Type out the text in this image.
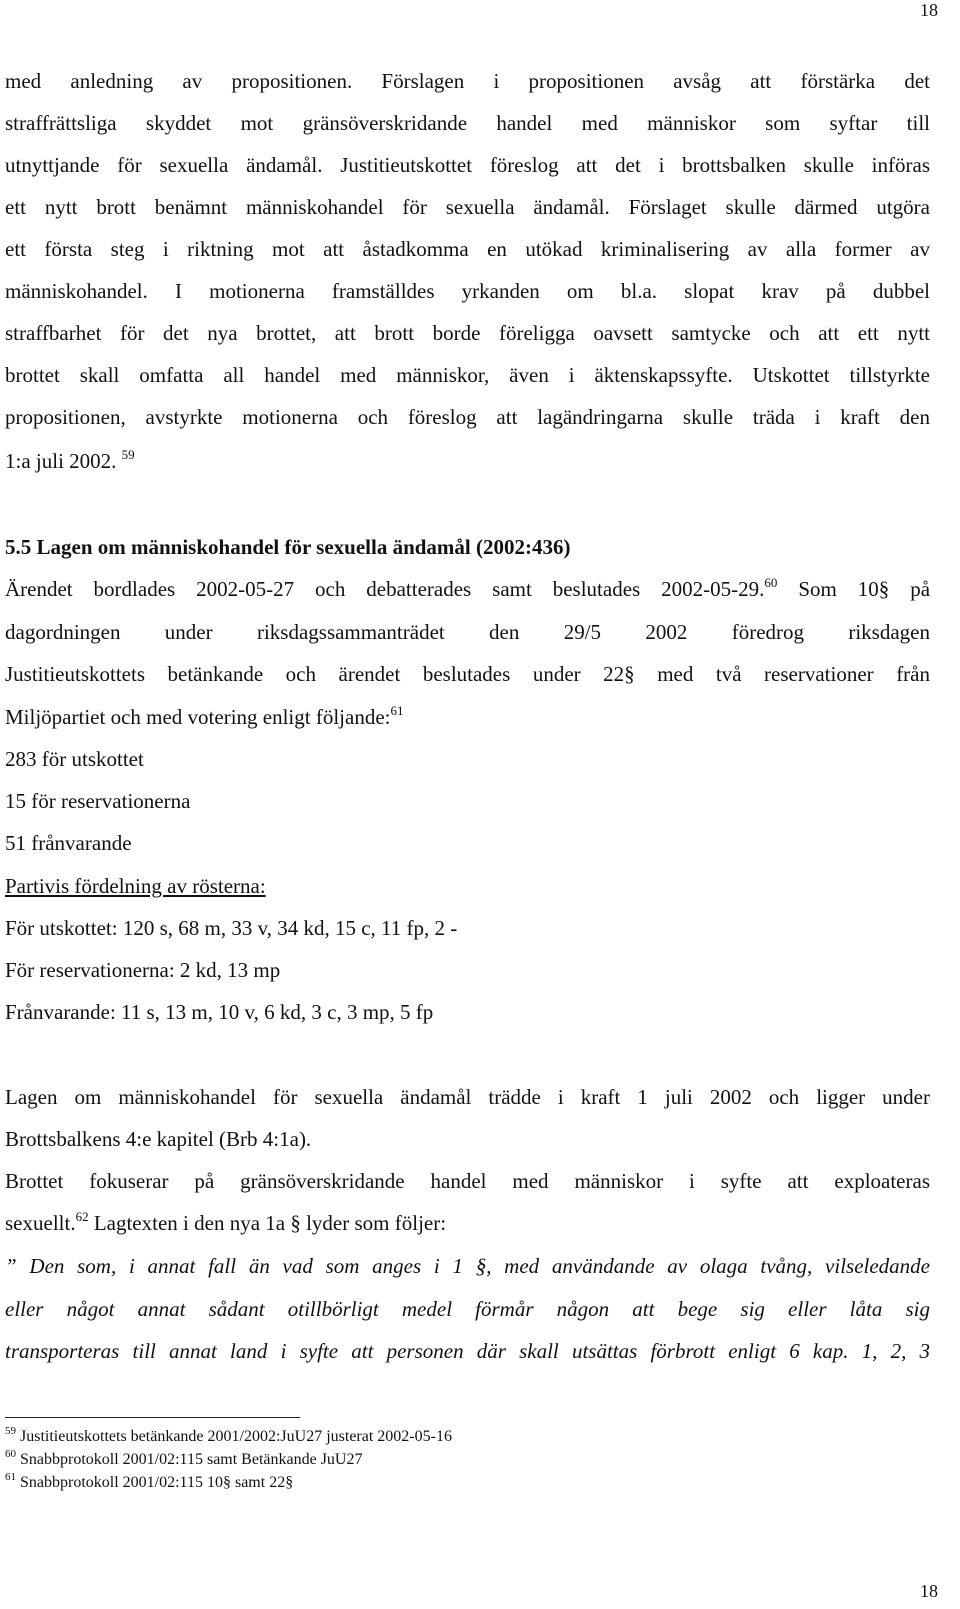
18
med anledning av propositionen. Förslagen i propositionen avsåg att förstärka det
straffrättsliga skyddet mot gränsöverskridande handel med människor som syftar till
utnyttjande för sexuella ändamål. Justitieutskottet föreslog att det i brottsbalken skulle införas
ett nytt brott benämnt människohandel för sexuella ändamål. Förslaget skulle därmed utgöra
ett första steg i riktning mot att åstadkomma en utökad kriminalisering av alla former av
människohandel. I motionerna framställdes yrkanden om bl.a. slopat krav på dubbel
straffbarhet för det nya brottet, att brott borde föreligga oavsett samtycke och att ett nytt
brottet skall omfatta all handel med människor, även i äktenskapssyfte. Utskottet tillstyrkte
propositionen, avstyrkte motionerna och föreslog att lagändringarna skulle träda i kraft den
1:a juli 2002. $^{59}$
5.5 Lagen om människohandel för sexuella ändamål (2002:436)
Ärendet bordlades 2002-05-27 och debatterades samt beslutades 2002-05-29.60 Som 10§ på
dagordningen under riksdagssammanträdet den 29/5 2002 föredrog riksdagen
Justitieutskottets betänkande och ärendet beslutades under 22§ med två reservationer från
Miljöpartiet och med votering enligt följande:$^{61}$
283 för utskottet
15 för reservationerna
51 frånvarande
Partivis fördelning av rösterna:
För utskottet: 120 s, 68 m, 33 v, 34 kd, 15 c, 11 fp, 2 -
För reservationerna: 2 kd, 13 mp
Frånvarande: 11 s, 13 m, 10 v, 6 kd, 3 c, 3 mp, 5 fp
Lagen om människohandel för sexuella ändamål trädde i kraft 1 juli 2002 och ligger under
Brottsbalkens 4:e kapitel (Brb 4:1a).
Brottet fokuserar på gränsöverskridande handel med människor i syfte att exploateras
sexuellt.$^{62}$ Lagtexten i den nya 1a § lyder som följer:
” Den som, i annat fall än vad som anges i 1 §, med användande av olaga tvång, vilseledande
eller något annat sådant otillbörligt medel förmår någon att bege sig eller låta sig
transporteras till annat land i syfte att personen där skall utsättas förbrott enligt 6 kap. 1, 2, 3
$^{59}$ Justitieutskottets betänkande 2001/2002:JuU27 justerat 2002-05-16
$^{60}$ Snabbprotokoll 2001/02:115 samt Betänkande JuU27
$^{61}$ Snabbprotokoll 2001/02:115 10§ samt 22§
18
